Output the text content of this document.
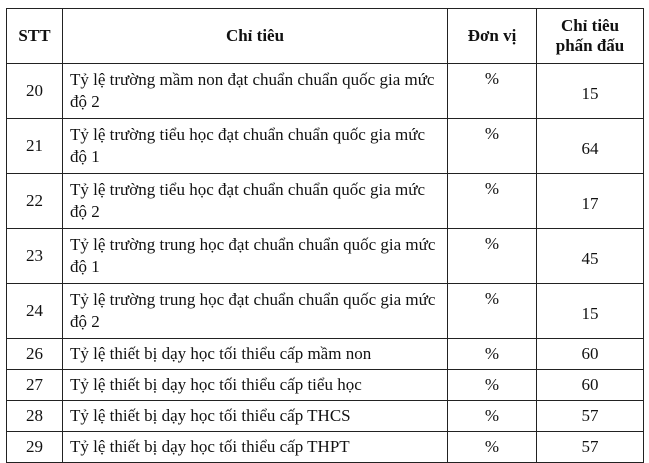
STT	Chỉ tiêu	Đơn vị	Chỉ tiêu
phấn đấu
20	Tỷ lệ trường mầm non đạt chuẩn chuẩn quốc gia mức độ 2	%	15
21	Tỷ lệ trường tiểu học đạt chuẩn chuẩn quốc gia mức độ 1	%	64
22	Tỷ lệ trường tiểu học đạt chuẩn chuẩn quốc gia mức độ 2	%	17
23	Tỷ lệ trường trung học đạt chuẩn chuẩn quốc gia mức độ 1	%	45
24	Tỷ lệ trường trung học đạt chuẩn chuẩn quốc gia mức độ 2	%	15
26	Tỷ lệ thiết bị dạy học tối thiểu cấp mầm non	%	60
27	Tỷ lệ thiết bị dạy học tối thiểu cấp tiểu học	%	60
28	Tỷ lệ thiết bị dạy học tối thiểu cấp THCS	%	57
29	Tỷ lệ thiết bị dạy học tối thiểu cấp THPT	%	57
